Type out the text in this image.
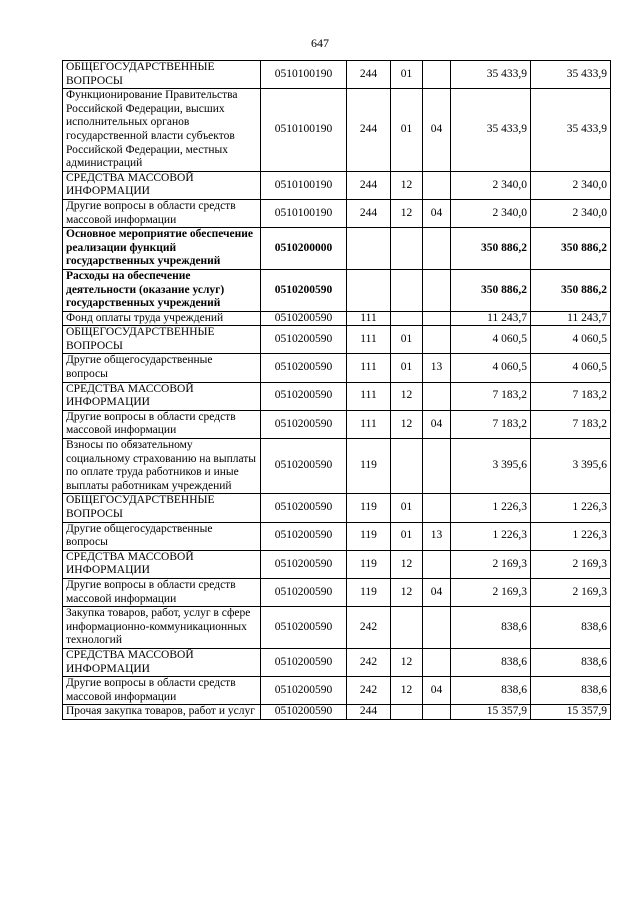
647
ОБЩЕГОСУДАРСТВЕННЫЕ ВОПРОСЫ	0510100190	244	01		35 433,9	35 433,9
Функционирование Правительства Российской Федерации, высших исполнительных органов государственной власти субъектов Российской Федерации, местных администраций	0510100190	244	01	04	35 433,9	35 433,9
СРЕДСТВА МАССОВОЙ ИНФОРМАЦИИ	0510100190	244	12		2 340,0	2 340,0
Другие вопросы в области средств массовой информации	0510100190	244	12	04	2 340,0	2 340,0
Основное мероприятие обеспечение реализации функций государственных учреждений	0510200000				350 886,2	350 886,2
Расходы на обеспечение деятельности (оказание услуг) государственных учреждений	0510200590				350 886,2	350 886,2
Фонд оплаты труда учреждений	0510200590	111			11 243,7	11 243,7
ОБЩЕГОСУДАРСТВЕННЫЕ ВОПРОСЫ	0510200590	111	01		4 060,5	4 060,5
Другие общегосударственные вопросы	0510200590	111	01	13	4 060,5	4 060,5
СРЕДСТВА МАССОВОЙ ИНФОРМАЦИИ	0510200590	111	12		7 183,2	7 183,2
Другие вопросы в области средств массовой информации	0510200590	111	12	04	7 183,2	7 183,2
Взносы по обязательному социальному страхованию на выплаты по оплате труда работников и иные выплаты работникам учреждений	0510200590	119			3 395,6	3 395,6
ОБЩЕГОСУДАРСТВЕННЫЕ ВОПРОСЫ	0510200590	119	01		1 226,3	1 226,3
Другие общегосударственные вопросы	0510200590	119	01	13	1 226,3	1 226,3
СРЕДСТВА МАССОВОЙ ИНФОРМАЦИИ	0510200590	119	12		2 169,3	2 169,3
Другие вопросы в области средств массовой информации	0510200590	119	12	04	2 169,3	2 169,3
Закупка товаров, работ, услуг в сфере информационно-коммуникационных технологий	0510200590	242			838,6	838,6
СРЕДСТВА МАССОВОЙ ИНФОРМАЦИИ	0510200590	242	12		838,6	838,6
Другие вопросы в области средств массовой информации	0510200590	242	12	04	838,6	838,6
Прочая закупка товаров, работ и услуг	0510200590	244			15 357,9	15 357,9
